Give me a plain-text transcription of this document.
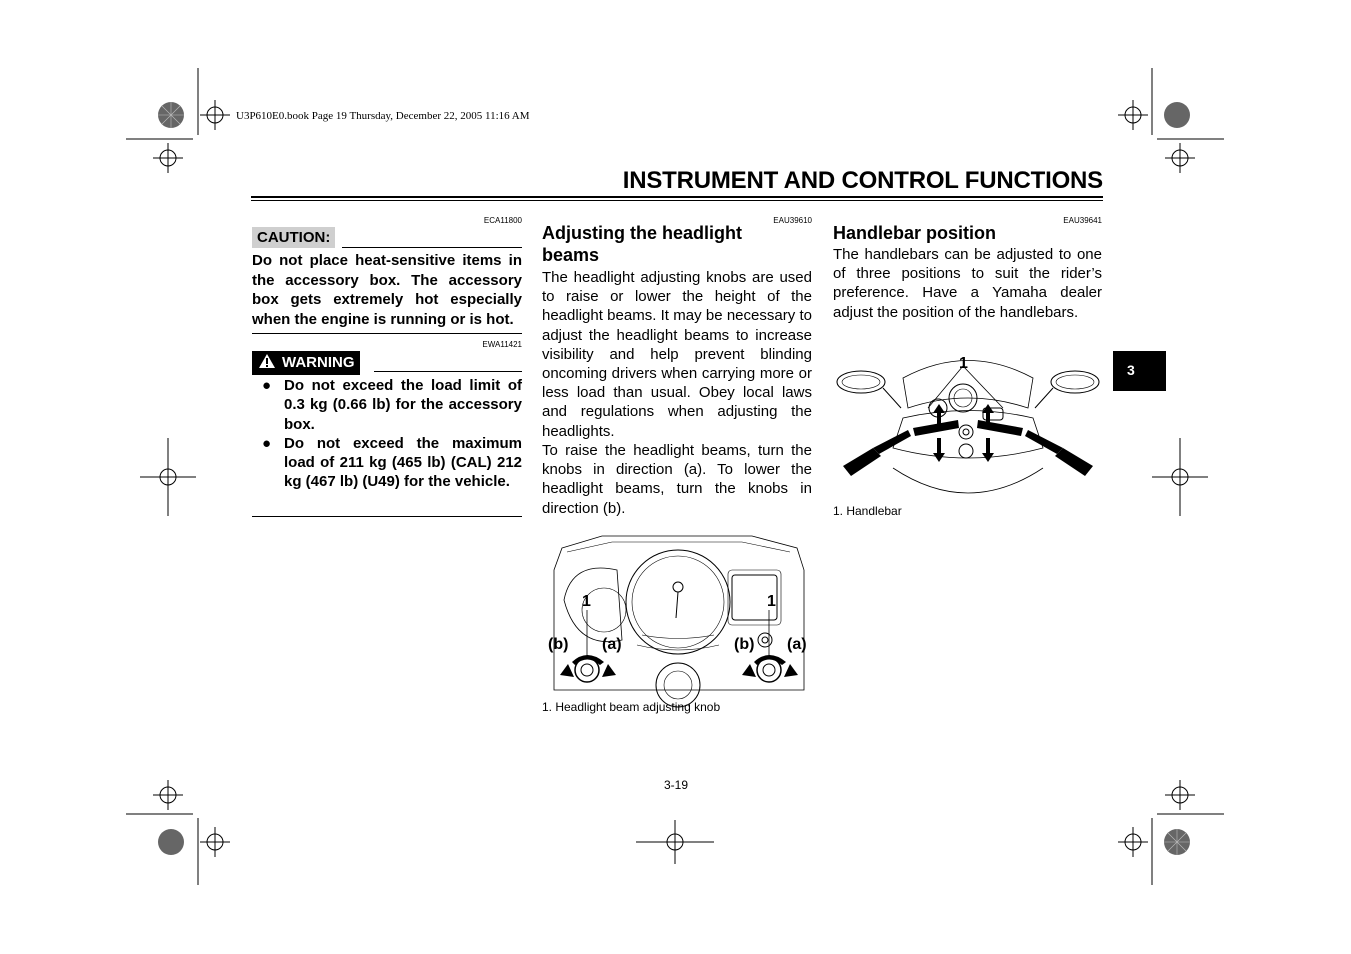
U3P610E0.book Page 19 Thursday, December 22, 2005 11:16 AM
INSTRUMENT AND CONTROL FUNCTIONS
ECA11800
CAUTION:
Do not place heat-sensitive items in the accessory box. The accessory box gets extremely hot especially when the engine is running or is hot.
EWA11421
WARNING
● Do not exceed the load limit of 0.3 kg (0.66 lb) for the accessory box.
● Do not exceed the maximum load of 211 kg (465 lb) (CAL) 212 kg (467 lb) (U49) for the vehicle.
EAU39610
Adjusting the headlight
beams
The headlight adjusting knobs are used to raise or lower the height of the headlight beams. It may be necessary to adjust the headlight beams to increase visibility and help prevent blinding oncoming drivers when carrying more or less load than usual. Obey local laws and regulations when adjusting the headlights.
To raise the headlight beams, turn the knobs in direction (a). To lower the headlight beams, turn the knobs in direction (b).
1	1
(b) (a)	(b) (a)
1. Headlight beam adjusting knob
EAU39641
Handlebar position
The handlebars can be adjusted to one of three positions to suit the rider’s preference. Have a Yamaha dealer adjust the position of the handlebars.
1
1. Handlebar
3
3-19
